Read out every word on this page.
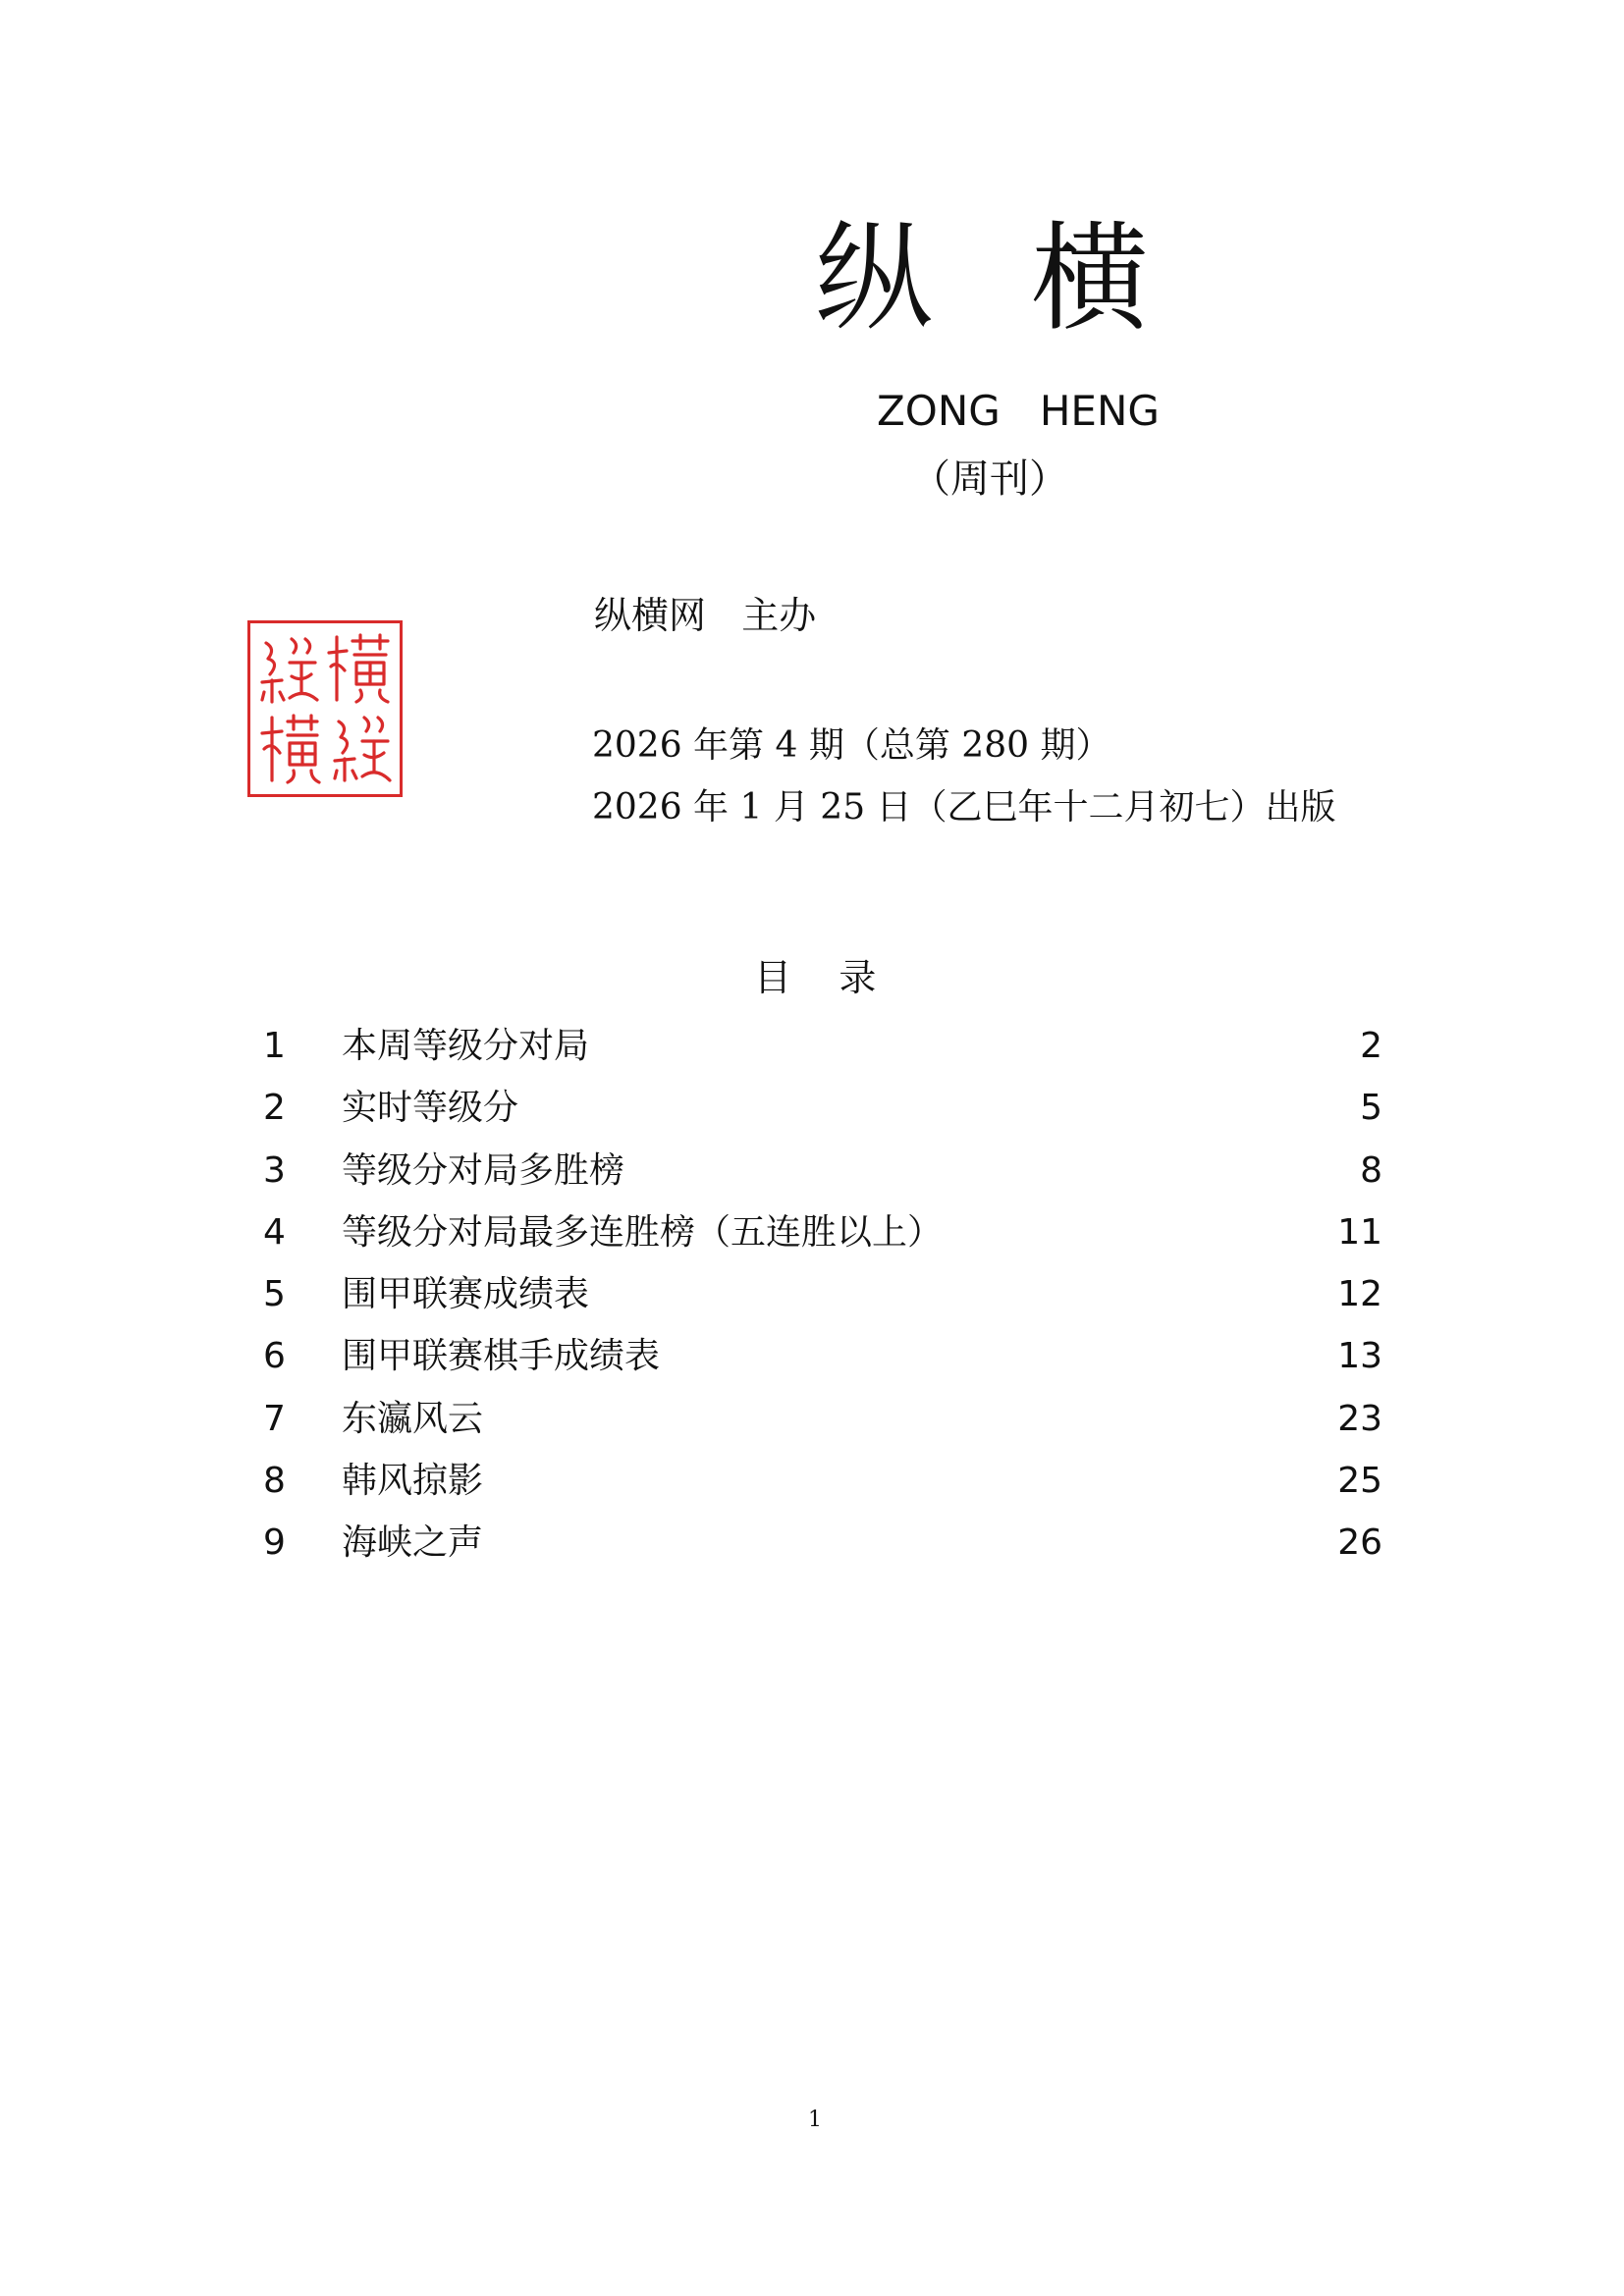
纵 横
ZONG   HENG
（周刊）
纵横网   主办
2026 年第 4 期（总第 280 期）
2026 年 1 月 25 日（乙巳年十二月初七）出版
目    录
1 本周等级分对局	2
2 实时等级分	5
3 等级分对局多胜榜	8
4 等级分对局最多连胜榜（五连胜以上）	11
5 围甲联赛成绩表	12
6 围甲联赛棋手成绩表	13
7 东瀛风云	23
8 韩风掠影	25
9 海峡之声	26
1
